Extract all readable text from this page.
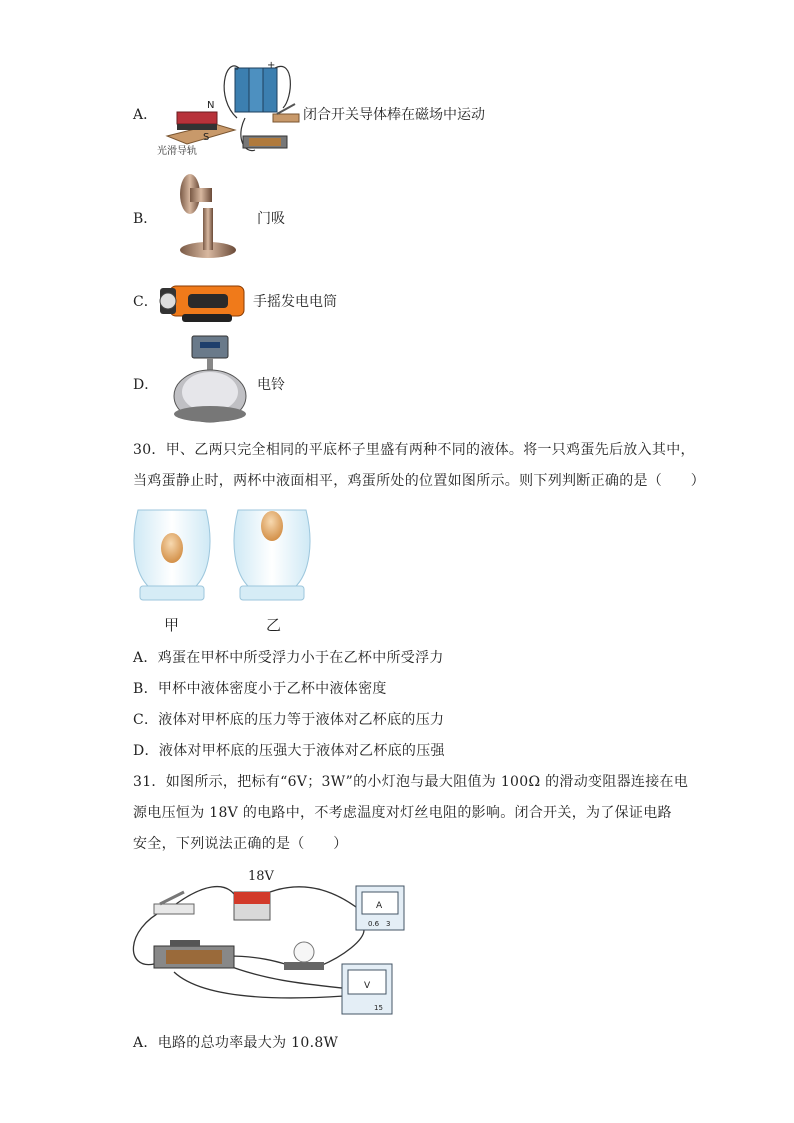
A．
N
S
+
-
光滑导轨
闭合开关导体棒在磁场中运动
B．	门吸
C．	手摇发电电筒
D．	电铃
30．甲、乙两只完全相同的平底杯子里盛有两种不同的液体。将一只鸡蛋先后放入其中，
当鸡蛋静止时，两杯中液面相平，鸡蛋所处的位置如图所示。则下列判断正确的是（　　）
甲	乙
A．鸡蛋在甲杯中所受浮力小于在乙杯中所受浮力
B．甲杯中液体密度小于乙杯中液体密度
C．液体对甲杯底的压力等于液体对乙杯底的压力
D．液体对甲杯底的压强大于液体对乙杯底的压强
31．如图所示，把标有“6V；3W”的小灯泡与最大阻值为 100Ω 的滑动变阻器连接在电
源电压恒为 18V 的电路中，不考虑温度对灯丝电阻的影响。闭合开关，为了保证电路
安全，下列说法正确的是（　　）
18V
A
0.6 3
V
15
A．电路的总功率最大为 10.8W
